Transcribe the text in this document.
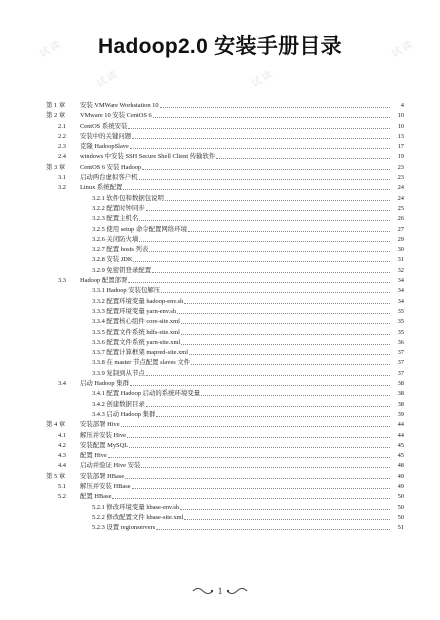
Hadoop2.0 安装手册目录
第 1 章 安装 VMWare Workstation 10	4
第 2 章 VMware 10 安装 CentOS 6	10
2.1 CentOS 系统安装	10
2.2 安装中的关键问题	13
2.3 克隆 HadoopSlave	17
2.4 windows 中安装 SSH Secure Shell Client 传输软件	19
第 3 章 CentOS 6 安装 Hadoop	23
3.1 启动两台虚拟客户机	23
3.2 Linux 系统配置	24
3.2.1 软件包和数据包说明	24
3.2.2 配置时钟同步	25
3.2.3 配置主机名	26
3.2.5 使用 setup 命令配置网络环境	27
3.2.6 关闭防火墙	29
3.2.7 配置 hosts 列表	30
3.2.8 安装 JDK	31
3.2.9 免密钥登录配置	32
3.3 Hadoop 配置部署	34
3.3.1 Hadoop 安装包解压	34
3.3.2 配置环境变量 hadoop-env.sh	34
3.3.3 配置环境变量 yarn-env.sh	35
3.3.4 配置核心组件 core-site.xml	35
3.3.5 配置文件系统 hdfs-site.xml	35
3.3.6 配置文件系统 yarn-site.xml	36
3.3.7 配置计算框架 mapred-site.xml	37
3.3.8 在 master 节点配置 slaves 文件	37
3.3.9 复制到从节点	37
3.4 启动 Hadoop 集群	38
3.4.1 配置 Hadoop 启动的系统环境变量	38
3.4.2 创建数据目录	38
3.4.3 启动 Hadoop 集群	39
第 4 章 安装部署 Hive	44
4.1 解压并安装 Hive	44
4.2 安装配置 MySQL	45
4.3 配置 Hive	45
4.4 启动并验证 Hive 安装	48
第 5 章 安装部署 HBase	49
5.1 解压并安装 HBase	49
5.2 配置 HBase	50
5.2.1 修改环境变量 hbase-env.sh	50
5.2.2 修改配置文件 hbase-site.xml	50
5.2.3 设置 regionservers	51
1
试读
试读	试读
试读
